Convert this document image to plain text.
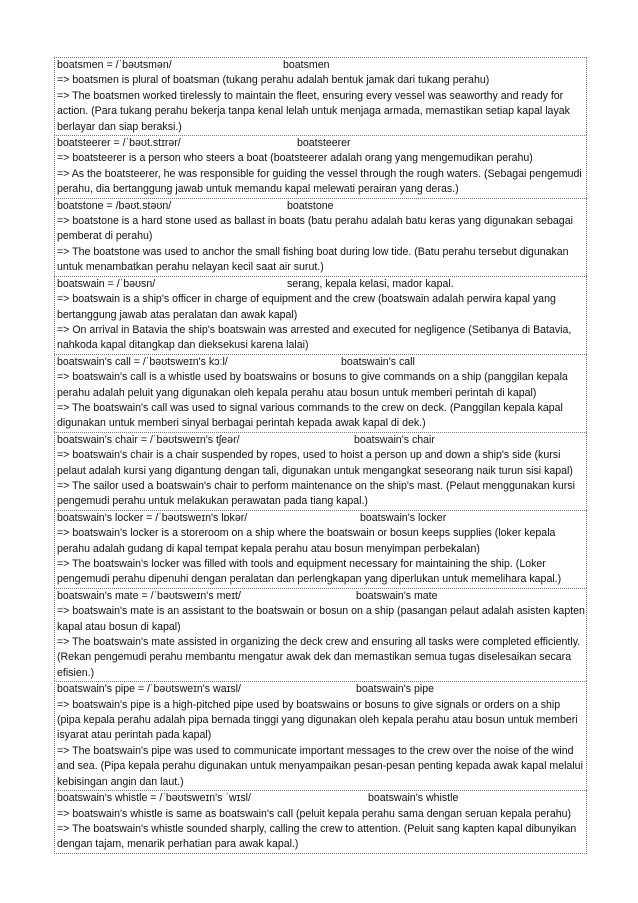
boatsmen = /ˈbəʊtsmən/	boatsmen
=> boatsmen is plural of boatsman (tukang perahu adalah bentuk jamak dari tukang perahu)
=> The boatsmen worked tirelessly to maintain the fleet, ensuring every vessel was seaworthy and ready for action. (Para tukang perahu bekerja tanpa kenal lelah untuk menjaga armada, memastikan setiap kapal layak berlayar dan siap beraksi.)
boatsteerer = /ˈbəʊt.stɪrər/	boatsteerer
=> boatsteerer is a person who steers a boat (boatsteerer adalah orang yang mengemudikan perahu)
=> As the boatsteerer, he was responsible for guiding the vessel through the rough waters. (Sebagai pengemudi perahu, dia bertanggung jawab untuk memandu kapal melewati perairan yang deras.)
boatstone = /bəʊt.stəʊn/	boatstone
=> boatstone is a hard stone used as ballast in boats (batu perahu adalah batu keras yang digunakan sebagai pemberat di perahu)
=> The boatstone was used to anchor the small fishing boat during low tide. (Batu perahu tersebut digunakan untuk menambatkan perahu nelayan kecil saat air surut.)
boatswain = /ˈbəʊsn/	serang, kepala kelasi, mador kapal.
=> boatswain is a ship's officer in charge of equipment and the crew (boatswain adalah perwira kapal yang bertanggung jawab atas peralatan dan awak kapal)
=> On arrival in Batavia the ship's boatswain was arrested and executed for negligence (Setibanya di Batavia, nahkoda kapal ditangkap dan dieksekusi karena lalai)
boatswain's call = /ˈbəʊtsweɪn's kɔːl/	boatswain's call
=> boatswain's call is a whistle used by boatswains or bosuns to give commands on a ship (panggilan kepala perahu adalah peluit yang digunakan oleh kepala perahu atau bosun untuk memberi perintah di kapal)
=> The boatswain's call was used to signal various commands to the crew on deck. (Panggilan kepala kapal digunakan untuk memberi sinyal berbagai perintah kepada awak kapal di dek.)
boatswain's chair = /ˈbəʊtsweɪn's tʃeər/	boatswain's chair
=> boatswain's chair is a chair suspended by ropes, used to hoist a person up and down a ship's side (kursi pelaut adalah kursi yang digantung dengan tali, digunakan untuk mengangkat seseorang naik turun sisi kapal)
=> The sailor used a boatswain's chair to perform maintenance on the ship's mast. (Pelaut menggunakan kursi pengemudi perahu untuk melakukan perawatan pada tiang kapal.)
boatswain's locker = /ˈbəʊtsweɪn's lɒkər/	boatswain's locker
=> boatswain's locker is a storeroom on a ship where the boatswain or bosun keeps supplies (loker kepala perahu adalah gudang di kapal tempat kepala perahu atau bosun menyimpan perbekalan)
=> The boatswain's locker was filled with tools and equipment necessary for maintaining the ship. (Loker pengemudi perahu dipenuhi dengan peralatan dan perlengkapan yang diperlukan untuk memelihara kapal.)
boatswain's mate = /ˈbəʊtsweɪn's meɪt/	boatswain's mate
=> boatswain's mate is an assistant to the boatswain or bosun on a ship (pasangan pelaut adalah asisten kapten kapal atau bosun di kapal)
=> The boatswain's mate assisted in organizing the deck crew and ensuring all tasks were completed efficiently. (Rekan pengemudi perahu membantu mengatur awak dek dan memastikan semua tugas diselesaikan secara efisien.)
boatswain's pipe = /ˈbəʊtsweɪn's waɪsl/	boatswain's pipe
=> boatswain's pipe is a high-pitched pipe used by boatswains or bosuns to give signals or orders on a ship (pipa kepala perahu adalah pipa bernada tinggi yang digunakan oleh kepala perahu atau bosun untuk memberi isyarat atau perintah pada kapal)
=> The boatswain's pipe was used to communicate important messages to the crew over the noise of the wind and sea. (Pipa kepala perahu digunakan untuk menyampaikan pesan-pesan penting kepada awak kapal melalui kebisingan angin dan laut.)
boatswain's whistle = /ˈbəʊtsweɪn's ˈwɪsl/	boatswain's whistle
=> boatswain's whistle is same as boatswain's call (peluit kepala perahu sama dengan seruan kepala perahu)
=> The boatswain's whistle sounded sharply, calling the crew to attention. (Peluit sang kapten kapal dibunyikan dengan tajam, menarik perhatian para awak kapal.)
